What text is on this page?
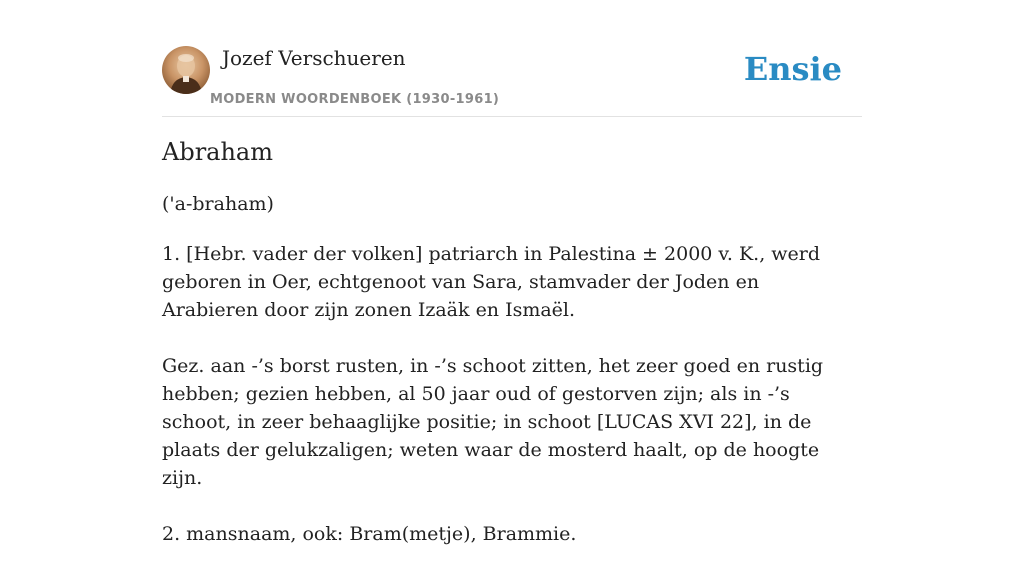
Jozef Verschueren
MODERN WOORDENBOEK (1930-1961)
Ensie
Abraham
('a-braham)

1. [Hebr. vader der volken] patriarch in Palestina ± 2000 v. K., werd geboren in Oer, echtgenoot van Sara, stamvader der Joden en Arabieren door zijn zonen Izaäk en Ismaël.

Gez. aan -’s borst rusten, in -’s schoot zitten, het zeer goed en rustig hebben; gezien hebben, al 50 jaar oud of gestorven zijn; als in -’s schoot, in zeer behaaglijke positie; in schoot [LUCAS XVI 22], in de plaats der gelukzaligen; weten waar de mosterd haalt, op de hoogte zijn.

2. mansnaam, ook: Bram(metje), Brammie.
